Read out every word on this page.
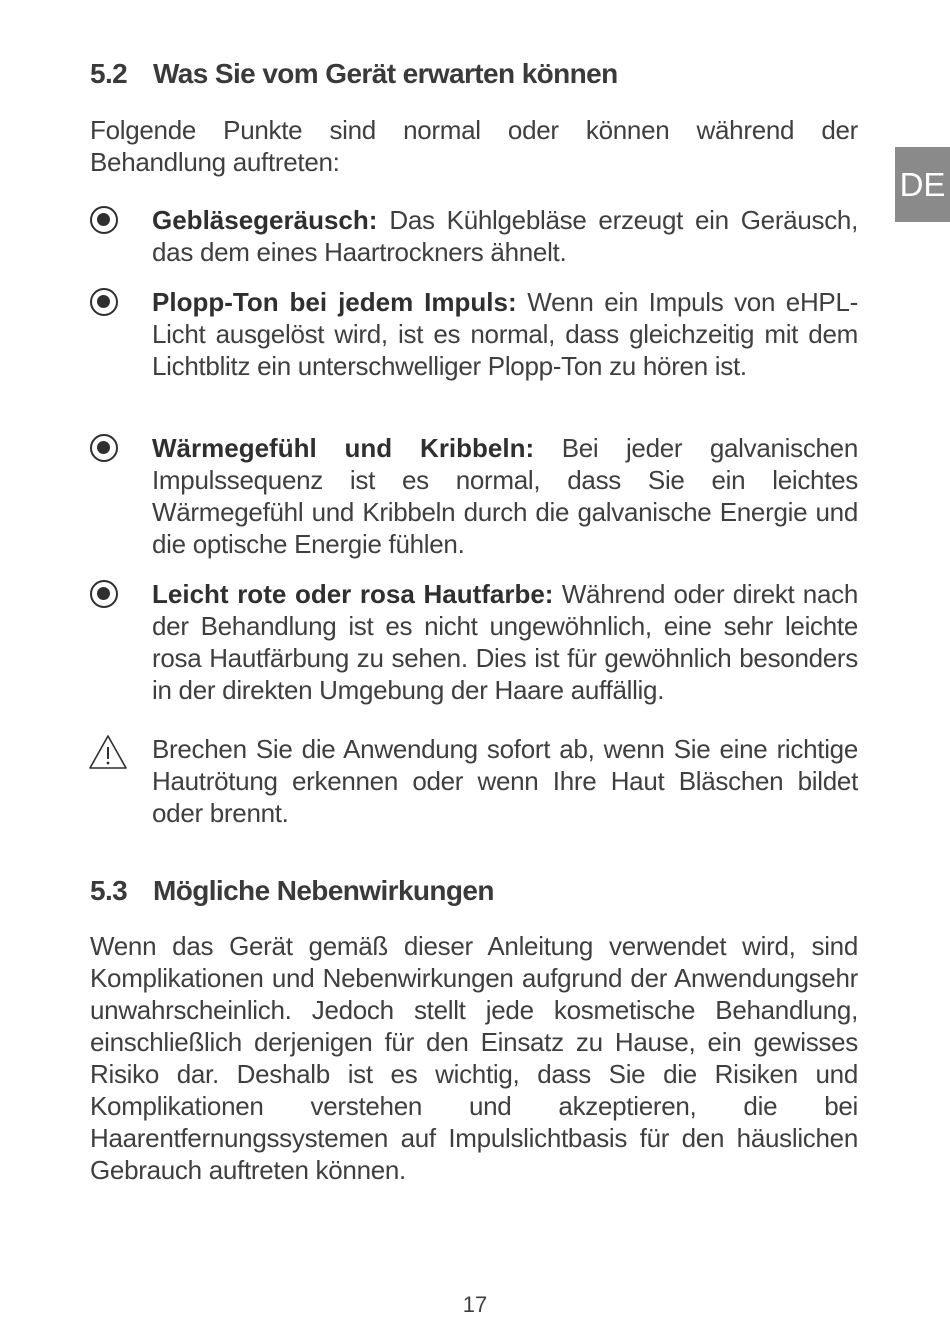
DE
5.2 Was Sie vom Gerät erwarten können

Folgende Punkte sind normal oder können während der Behandlung auftreten:

Gebläsegeräusch: Das Kühlgebläse erzeugt ein Geräusch, das dem eines Haartrockners ähnelt.

Plopp-Ton bei jedem Impuls: Wenn ein Impuls von eHPL-Licht ausgelöst wird, ist es normal, dass gleichzeitig mit dem Lichtblitz ein unterschwelliger Plopp-Ton zu hören ist.

Wärmegefühl und Kribbeln: Bei jeder galvanischen Impulssequenz ist es normal, dass Sie ein leichtes Wärmegefühl und Kribbeln durch die galvanische Energie und die optische Energie fühlen.

Leicht rote oder rosa Hautfarbe: Während oder direkt nach der Behandlung ist es nicht ungewöhnlich, eine sehr leichte rosa Hautfärbung zu sehen. Dies ist für gewöhnlich besonders in der direkten Umgebung der Haare auffällig.

Brechen Sie die Anwendung sofort ab, wenn Sie eine richtige Hautrötung erkennen oder wenn Ihre Haut Bläschen bildet oder brennt.

5.3 Mögliche Nebenwirkungen

Wenn das Gerät gemäß dieser Anleitung verwendet wird, sind Komplikationen und Nebenwirkungen aufgrund der Anwendungsehr unwahrscheinlich. Jedoch stellt jede kosmetische Behandlung, einschließlich derjenigen für den Einsatz zu Hause, ein gewisses Risiko dar. Deshalb ist es wichtig, dass Sie die Risiken und Komplikationen verstehen und akzeptieren, die bei Haarentfernungssystemen auf Impulslichtbasis für den häuslichen Gebrauch auftreten können.

17
